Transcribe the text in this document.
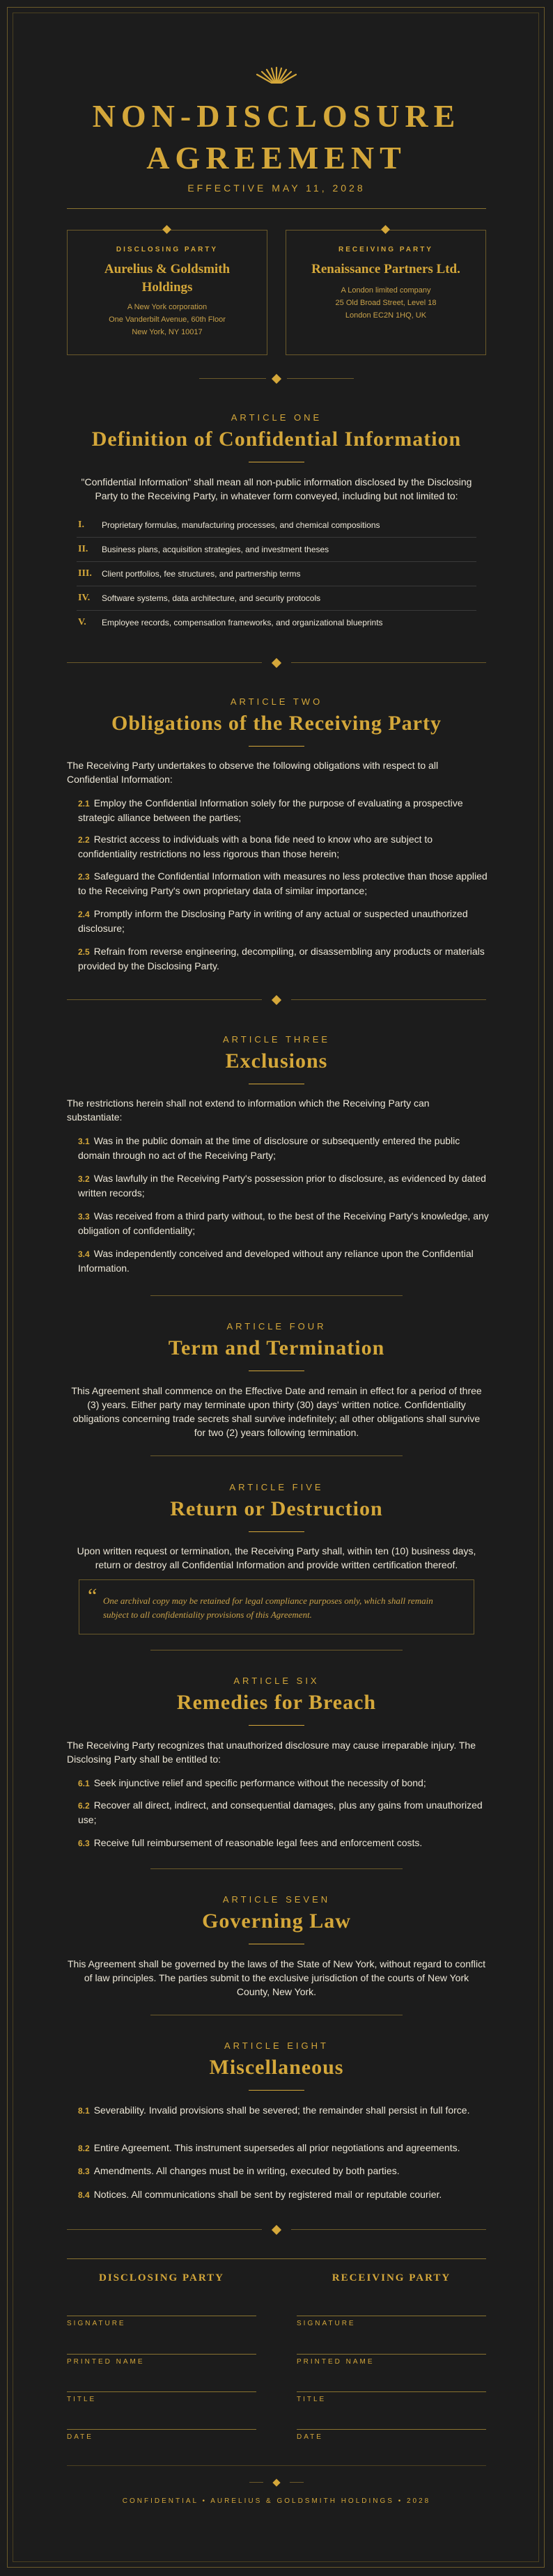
NON-DISCLOSURE
AGREEMENT
EFFECTIVE MAY 11, 2028
DISCLOSING PARTY
Aurelius & Goldsmith
Holdings
A New York corporation
One Vanderbilt Avenue, 60th Floor
New York, NY 10017
RECEIVING PARTY
Renaissance Partners Ltd.
A London limited company
25 Old Broad Street, Level 18
London EC2N 1HQ, UK
ARTICLE ONE
Definition of Confidential Information
"Confidential Information" shall mean all non-public information disclosed by the Disclosing Party to the Receiving Party, in whatever form conveyed, including but not limited to:
I. Proprietary formulas, manufacturing processes, and chemical compositions
II. Business plans, acquisition strategies, and investment theses
III. Client portfolios, fee structures, and partnership terms
IV. Software systems, data architecture, and security protocols
V. Employee records, compensation frameworks, and organizational blueprints
ARTICLE TWO
Obligations of the Receiving Party
The Receiving Party undertakes to observe the following obligations with respect to all Confidential Information:
2.1 Employ the Confidential Information solely for the purpose of evaluating a prospective strategic alliance between the parties;
2.2 Restrict access to individuals with a bona fide need to know who are subject to confidentiality restrictions no less rigorous than those herein;
2.3 Safeguard the Confidential Information with measures no less protective than those applied to the Receiving Party's own proprietary data of similar importance;
2.4 Promptly inform the Disclosing Party in writing of any actual or suspected unauthorized disclosure;
2.5 Refrain from reverse engineering, decompiling, or disassembling any products or materials provided by the Disclosing Party.
ARTICLE THREE
Exclusions
The restrictions herein shall not extend to information which the Receiving Party can substantiate:
3.1 Was in the public domain at the time of disclosure or subsequently entered the public domain through no act of the Receiving Party;
3.2 Was lawfully in the Receiving Party's possession prior to disclosure, as evidenced by dated written records;
3.3 Was received from a third party without, to the best of the Receiving Party's knowledge, any obligation of confidentiality;
3.4 Was independently conceived and developed without any reliance upon the Confidential Information.
ARTICLE FOUR
Term and Termination
This Agreement shall commence on the Effective Date and remain in effect for a period of three (3) years. Either party may terminate upon thirty (30) days' written notice. Confidentiality obligations concerning trade secrets shall survive indefinitely; all other obligations shall survive for two (2) years following termination.
ARTICLE FIVE
Return or Destruction
Upon written request or termination, the Receiving Party shall, within ten (10) business days, return or destroy all Confidential Information and provide written certification thereof.
“ One archival copy may be retained for legal compliance purposes only, which shall remain subject to all confidentiality provisions of this Agreement.
ARTICLE SIX
Remedies for Breach
The Receiving Party recognizes that unauthorized disclosure may cause irreparable injury. The Disclosing Party shall be entitled to:
6.1 Seek injunctive relief and specific performance without the necessity of bond;
6.2 Recover all direct, indirect, and consequential damages, plus any gains from unauthorized use;
6.3 Receive full reimbursement of reasonable legal fees and enforcement costs.
ARTICLE SEVEN
Governing Law
This Agreement shall be governed by the laws of the State of New York, without regard to conflict of law principles. The parties submit to the exclusive jurisdiction of the courts of New York County, New York.
ARTICLE EIGHT
Miscellaneous
8.1 Severability. Invalid provisions shall be severed; the remainder shall persist in full force.
8.2 Entire Agreement. This instrument supersedes all prior negotiations and agreements.
8.3 Amendments. All changes must be in writing, executed by both parties.
8.4 Notices. All communications shall be sent by registered mail or reputable courier.
DISCLOSING PARTY	RECEIVING PARTY
SIGNATURE	SIGNATURE
PRINTED NAME	PRINTED NAME
TITLE	TITLE
DATE	DATE
CONFIDENTIAL • AURELIUS & GOLDSMITH HOLDINGS • 2028
